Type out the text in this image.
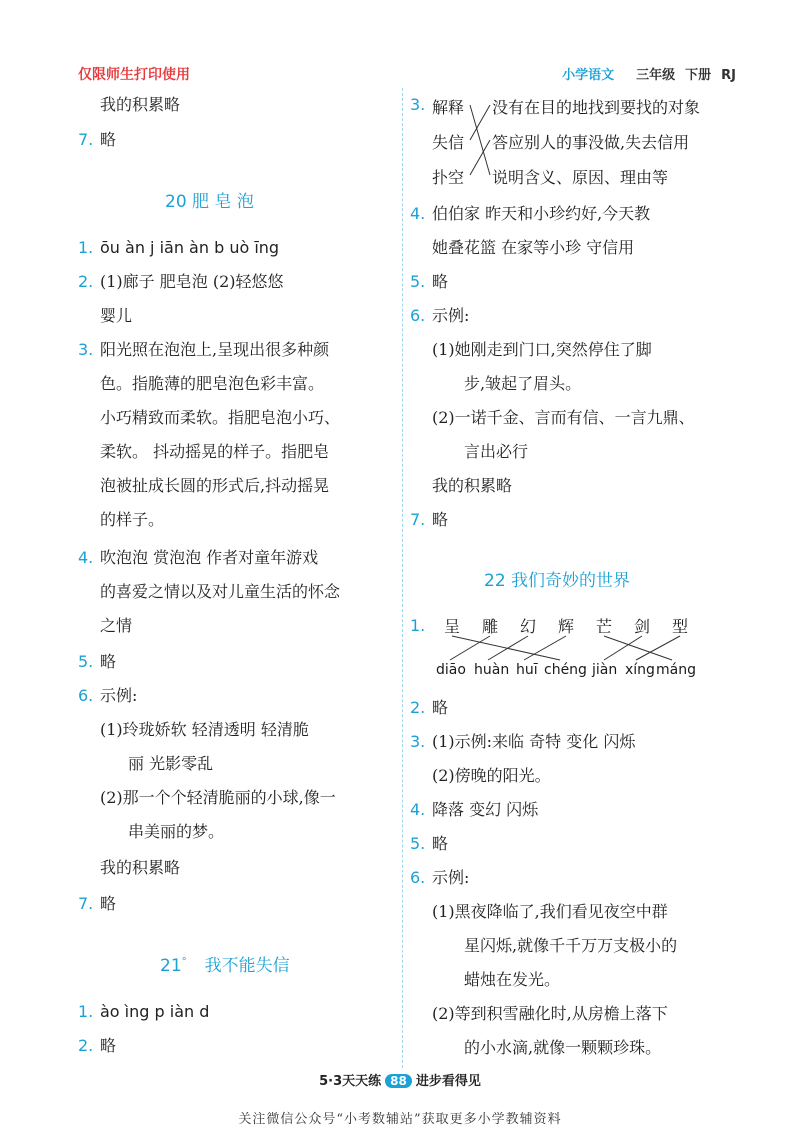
仅限师生打印使用	小学语文 三年级 下册 RJ
我的积累略
7. 略
20 肥 皂 泡
1. ōu àn j iān àn b uò īng
2. (1)廊子 肥皂泡 (2)轻悠悠
婴儿
3. 阳光照在泡泡上,呈现出很多种颜
色。指脆薄的肥皂泡色彩丰富。
小巧精致而柔软。指肥皂泡小巧、
柔软。 抖动摇晃的样子。指肥皂
泡被扯成长圆的形式后,抖动摇晃
的样子。
4. 吹泡泡 赏泡泡 作者对童年游戏
的喜爱之情以及对儿童生活的怀念
之情
5. 略
6. 示例:
(1)玲珑娇软 轻清透明 轻清脆
丽 光影零乱
(2)那一个个轻清脆丽的小球,像一
串美丽的梦。
我的积累略
7. 略
21° 我不能失信
1. ào ìng p iàn d
2. 略
3. 解释
失信
扑空
没有在目的地找到要找的对象
答应别人的事没做,失去信用
说明含义、原因、理由等
4. 伯伯家 昨天和小珍约好,今天教
她叠花篮 在家等小珍 守信用
5. 略
6. 示例:
(1)她刚走到门口,突然停住了脚
步,皱起了眉头。
(2)一诺千金、言而有信、一言九鼎、
言出必行
我的积累略
7. 略
22 我们奇妙的世界
1.	呈 雕 幻 辉 芒 剑 型
diāo huàn huī chéng jiàn xíng máng
2. 略
3. (1)示例:来临 奇特 变化 闪烁
(2)傍晚的阳光。
4. 降落 变幻 闪烁
5. 略
6. 示例:
(1)黑夜降临了,我们看见夜空中群
星闪烁,就像千千万万支极小的
蜡烛在发光。
(2)等到积雪融化时,从房檐上落下
的小水滴,就像一颗颗珍珠。
5·3天天练 88 进步看得见
关注微信公众号“小考数辅站”获取更多小学教辅资料
